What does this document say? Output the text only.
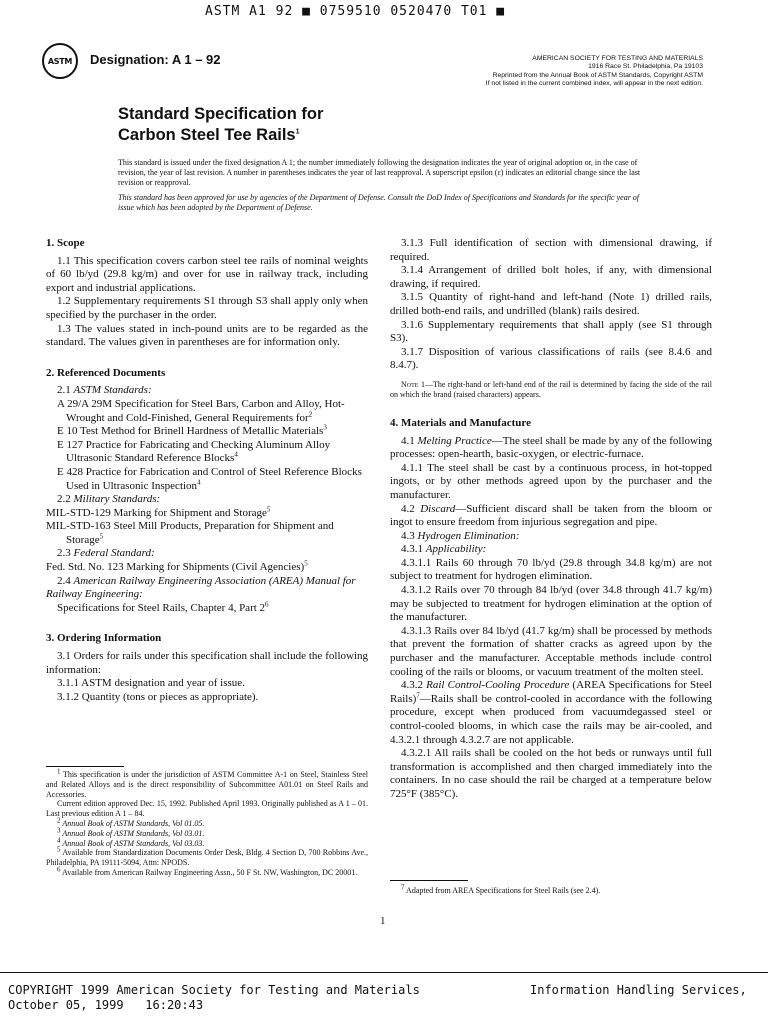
ASTM A1 92 ■ 0759510 0520470 T01 ■
ASTM Designation: A 1 – 92	AMERICAN SOCIETY FOR TESTING AND MATERIALS
1916 Race St. Philadelphia, Pa 19103
Reprinted from the Annual Book of ASTM Standards, Copyright ASTM
If not listed in the current combined index, will appear in the next edition.
Standard Specification for
Carbon Steel Tee Rails$^1$

This standard is issued under the fixed designation A 1; the number immediately following the designation indicates the year of original adoption or, in the case of revision, the year of last revision. A number in parentheses indicates the year of last reapproval. A superscript epsilon (ε) indicates an editorial change since the last revision or reapproval.

This standard has been approved for use by agencies of the Department of Defense. Consult the DoD Index of Specifications and Standards for the specific year of issue which has been adopted by the Department of Defense.

1. Scope

1.1 This specification covers carbon steel tee rails of nominal weights of 60 lb/yd (29.8 kg/m) and over for use in railway track, including export and industrial applications.

1.2 Supplementary requirements S1 through S3 shall apply only when specified by the purchaser in the order.

1.3 The values stated in inch-pound units are to be regarded as the standard. The values given in parentheses are for information only.

2. Referenced Documents

2.1 ASTM Standards:

A 29/A 29M Specification for Steel Bars, Carbon and Alloy, Hot-Wrought and Cold-Finished, General Requirements for$^2$

E 10 Test Method for Brinell Hardness of Metallic Materials$^3$

E 127 Practice for Fabricating and Checking Aluminum Alloy Ultrasonic Standard Reference Blocks$^4$

E 428 Practice for Fabrication and Control of Steel Reference Blocks Used in Ultrasonic Inspection$^4$

2.2 Military Standards:

MIL-STD-129 Marking for Shipment and Storage$^5$

MIL-STD-163 Steel Mill Products, Preparation for Shipment and Storage$^5$

2.3 Federal Standard:

Fed. Std. No. 123 Marking for Shipments (Civil Agencies)$^5$

2.4 American Railway Engineering Association (AREA) Manual for Railway Engineering:

Specifications for Steel Rails, Chapter 4, Part $2^6$

3. Ordering Information

3.1 Orders for rails under this specification shall include the following information:

3.1.1 ASTM designation and year of issue.

3.1.2 Quantity (tons or pieces as appropriate).

$^1$ This specification is under the jurisdiction of ASTM Committee A-1 on Steel, Stainless Steel and Related Alloys and is the direct responsibility of Subcommittee A01.01 on Steel Rails and Accessories.

Current edition approved Dec. 15, 1992. Published April 1993. Originally published as A 1 – 01. Last previous edition A 1 – 84.

$^2$ Annual Book of ASTM Standards, Vol 01.05.

$^3$ Annual Book of ASTM Standards, Vol 03.01.

$^4$ Annual Book of ASTM Standards, Vol 03.03.

$^5$ Available from Standardization Documents Order Desk, Bldg. 4 Section D, 700 Robbins Ave., Philadelphia, PA 19111-5094, Attn: NPODS.

$^6$ Available from American Railway Engineering Assn., 50 F St. NW, Washington, DC 20001.

3.1.3 Full identification of section with dimensional drawing, if required.

3.1.4 Arrangement of drilled bolt holes, if any, with dimensional drawing, if required.

3.1.5 Quantity of right-hand and left-hand (Note 1) drilled rails, drilled both-end rails, and undrilled (blank) rails desired.

3.1.6 Supplementary requirements that shall apply (see S1 through S3).

3.1.7 Disposition of various classifications of rails (see 8.4.6 and 8.4.7).

Note 1—The right-hand or left-hand end of the rail is determined by facing the side of the rail on which the brand (raised characters) appears.

4. Materials and Manufacture

4.1 Melting Practice—The steel shall be made by any of the following processes: open-hearth, basic-oxygen, or electric-furnace.

4.1.1 The steel shall be cast by a continuous process, in hot-topped ingots, or by other methods agreed upon by the purchaser and the manufacturer.

4.2 Discard—Sufficient discard shall be taken from the bloom or ingot to ensure freedom from injurious segregation and pipe.

4.3 Hydrogen Elimination:

4.3.1 Applicability:

4.3.1.1 Rails 60 through 70 lb/yd (29.8 through 34.8 kg/m) are not subject to treatment for hydrogen elimination.

4.3.1.2 Rails over 70 through 84 lb/yd (over 34.8 through 41.7 kg/m) may be subjected to treatment for hydrogen elimination at the option of the manufacturer.

4.3.1.3 Rails over 84 lb/yd (41.7 kg/m) shall be processed by methods that prevent the formation of shatter cracks as agreed upon by the purchaser and the manufacturer. Acceptable methods include control cooling of the rails or blooms, or vacuum treatment of the molten steel.

4.3.2 Rail Control-Cooling Procedure (AREA Specifications for Steel Rails)$^7$—Rails shall be control-cooled in accordance with the following procedure, except when produced from vacuumdegassed steel or control-cooled blooms, in which case the rails may be air-cooled, and 4.3.2.1 through 4.3.2.7 are not applicable.

4.3.2.1 All rails shall be cooled on the hot beds or runways until full transformation is accomplished and then charged immediately into the containers. In no case should the rail be charged at a temperature below 725°F (385°C).

$^7$ Adapted from AREA Specifications for Steel Rails (see 2.4).

1
COPYRIGHT 1999 American Society for Testing and Materials
October 05, 1999   16:20:43
Information Handling Services,
